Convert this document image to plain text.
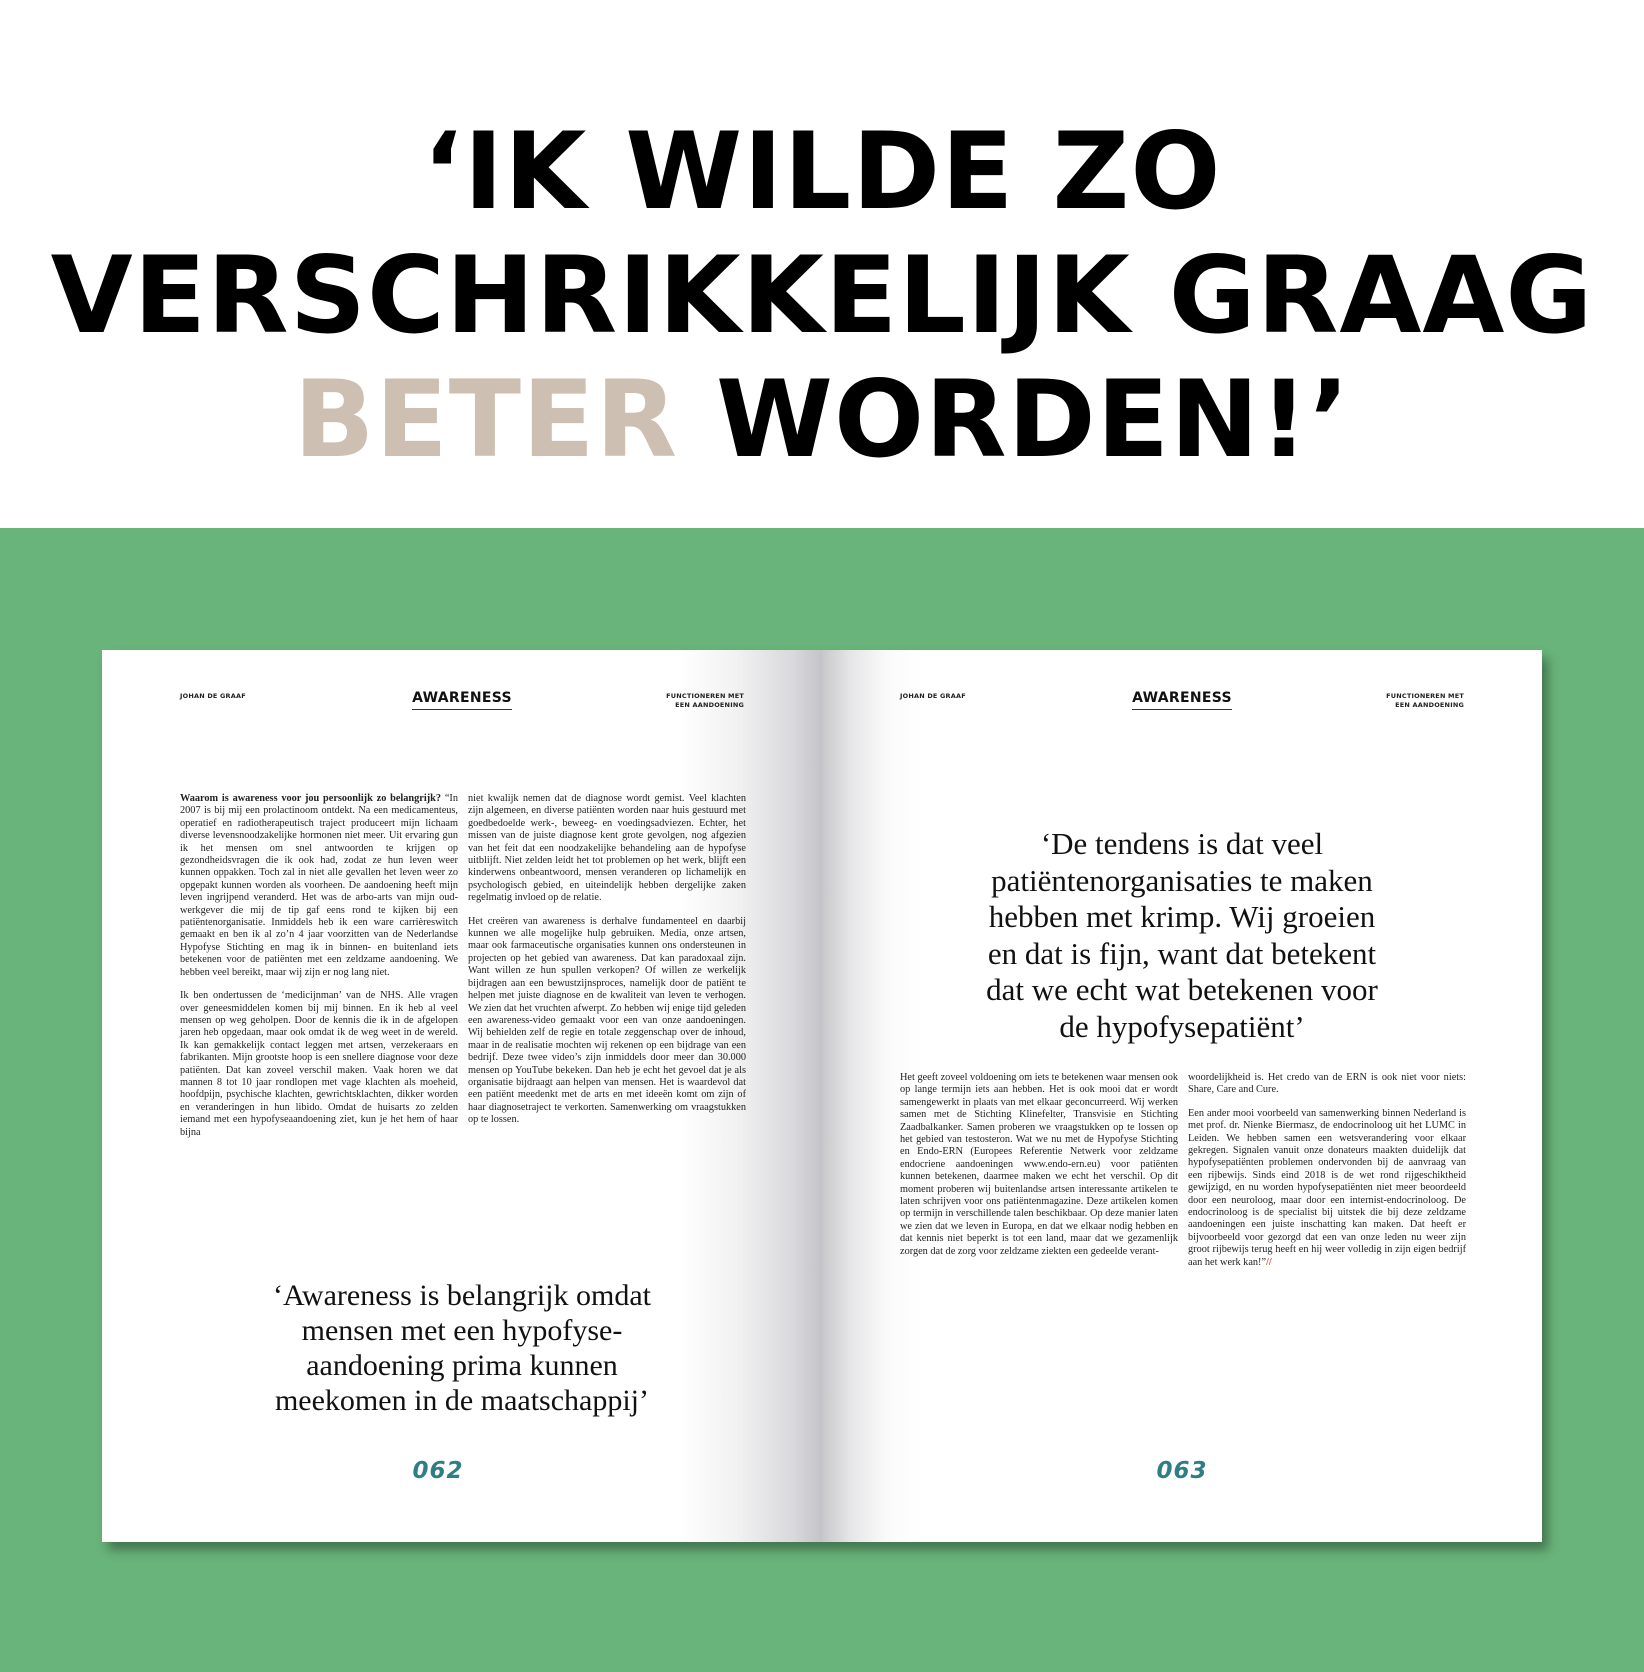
‘IK WILDE ZO
VERSCHRIKKELIJK GRAAG
BETER WORDEN!’
JOHAN DE GRAAF	AWARENESS	FUNCTIONEREN MET
EEN AANDOENING

Waarom is awareness voor jou persoonlijk zo belangrijk? “In 2007 is bij mij een prolactinoom ontdekt. Na een medicamenteus, operatief en radiotherapeutisch traject produceert mijn lichaam diverse levensnoodzakelijke hormonen niet meer. Uit ervaring gun ik het mensen om snel antwoorden te krijgen op gezondheidsvragen die ik ook had, zodat ze hun leven weer kunnen oppakken. Toch zal in niet alle gevallen het leven weer zo opgepakt kunnen worden als voorheen. De aandoening heeft mijn leven ingrijpend veranderd. Het was de arbo-arts van mijn oud-werkgever die mij de tip gaf eens rond te kijken bij een patiëntenorganisatie. Inmiddels heb ik een ware carrièreswitch gemaakt en ben ik al zo’n 4 jaar voorzitten van de Nederlandse Hypofyse Stichting en mag ik in binnen- en buitenland iets betekenen voor de patiënten met een zeldzame aandoening. We hebben veel bereikt, maar wij zijn er nog lang niet.

Ik ben ondertussen de ‘medicijnman’ van de NHS. Alle vragen over geneesmiddelen komen bij mij binnen. En ik heb al veel mensen op weg geholpen. Door de kennis die ik in de afgelopen jaren heb opgedaan, maar ook omdat ik de weg weet in de wereld. Ik kan gemakkelijk contact leggen met artsen, verzekeraars en fabrikanten. Mijn grootste hoop is een snellere diagnose voor deze patiënten. Dat kan zoveel verschil maken. Vaak horen we dat mannen 8 tot 10 jaar rondlopen met vage klachten als moeheid, hoofdpijn, psychische klachten, gewrichtsklachten, dikker worden en veranderingen in hun libido. Omdat de huisarts zo zelden iemand met een hypofyseaandoening ziet, kun je het hem of haar bijna

niet kwalijk nemen dat de diagnose wordt gemist. Veel klachten zijn algemeen, en diverse patiënten worden naar huis gestuurd met goedbedoelde werk-, beweeg- en voedingsadviezen. Echter, het missen van de juiste diagnose kent grote gevolgen, nog afgezien van het feit dat een noodzakelijke behandeling aan de hypofyse uitblijft. Niet zelden leidt het tot problemen op het werk, blijft een kinderwens onbeantwoord, mensen veranderen op lichamelijk en psychologisch gebied, en uiteindelijk hebben dergelijke zaken regelmatig invloed op de relatie.

Het creëren van awareness is derhalve fundamenteel en daarbij kunnen we alle mogelijke hulp gebruiken. Media, onze artsen, maar ook farmaceutische organisaties kunnen ons ondersteunen in projecten op het gebied van awareness. Dat kan paradoxaal zijn. Want willen ze hun spullen verkopen? Of willen ze werkelijk bijdragen aan een bewustzijnsproces, namelijk door de patiënt te helpen met juiste diagnose en de kwaliteit van leven te verhogen. We zien dat het vruchten afwerpt. Zo hebben wij enige tijd geleden een awareness-video gemaakt voor een van onze aandoeningen. Wij behielden zelf de regie en totale zeggenschap over de inhoud, maar in de realisatie mochten wij rekenen op een bijdrage van een bedrijf. Deze twee video’s zijn inmiddels door meer dan 30.000 mensen op YouTube bekeken. Dan heb je echt het gevoel dat je als organisatie bijdraagt aan helpen van mensen. Het is waardevol dat een patiënt meedenkt met de arts en met ideeën komt om zijn of haar diagnosetraject te verkorten. Samenwerking om vraagstukken op te lossen.

‘Awareness is belangrijk omdat
mensen met een hypofyse-
aandoening prima kunnen
meekomen in de maatschappij’
062
JOHAN DE GRAAF	AWARENESS	FUNCTIONEREN MET
EEN AANDOENING
‘De tendens is dat veel
patiëntenorganisaties te maken
hebben met krimp. Wij groeien
en dat is fijn, want dat betekent
dat we echt wat betekenen voor
de hypofysepatiënt’

Het geeft zoveel voldoening om iets te betekenen waar mensen ook op lange termijn iets aan hebben. Het is ook mooi dat er wordt samengewerkt in plaats van met elkaar geconcurreerd. Wij werken samen met de Stichting Klinefelter, Transvisie en Stichting Zaadbalkanker. Samen proberen we vraagstukken op te lossen op het gebied van testosteron. Wat we nu met de Hypofyse Stichting en Endo-ERN (Europees Referentie Netwerk voor zeldzame endocriene aandoeningen www.endo-ern.eu) voor patiënten kunnen betekenen, daarmee maken we echt het verschil. Op dit moment proberen wij buitenlandse artsen interessante artikelen te laten schrijven voor ons patiëntenmagazine. Deze artikelen komen op termijn in verschillende talen beschikbaar. Op deze manier laten we zien dat we leven in Europa, en dat we elkaar nodig hebben en dat kennis niet beperkt is tot een land, maar dat we gezamenlijk zorgen dat de zorg voor zeldzame ziekten een gedeelde verant-

woordelijkheid is. Het credo van de ERN is ook niet voor niets: Share, Care and Cure.

Een ander mooi voorbeeld van samenwerking binnen Nederland is met prof. dr. Nienke Biermasz, de endocrinoloog uit het LUMC in Leiden. We hebben samen een wetsverandering voor elkaar gekregen. Signalen vanuit onze donateurs maakten duidelijk dat hypofysepatiënten problemen ondervonden bij de aanvraag van een rijbewijs. Sinds eind 2018 is de wet rond rijgeschiktheid gewijzigd, en nu worden hypofysepatiënten niet meer beoordeeld door een neuroloog, maar door een internist-endocrinoloog. De endocrinoloog is de specialist bij uitstek die bij deze zeldzame aandoeningen een juiste inschatting kan maken. Dat heeft er bijvoorbeeld voor gezorgd dat een van onze leden nu weer zijn groot rijbewijs terug heeft en hij weer volledig in zijn eigen bedrijf aan het werk kan!”//

063
